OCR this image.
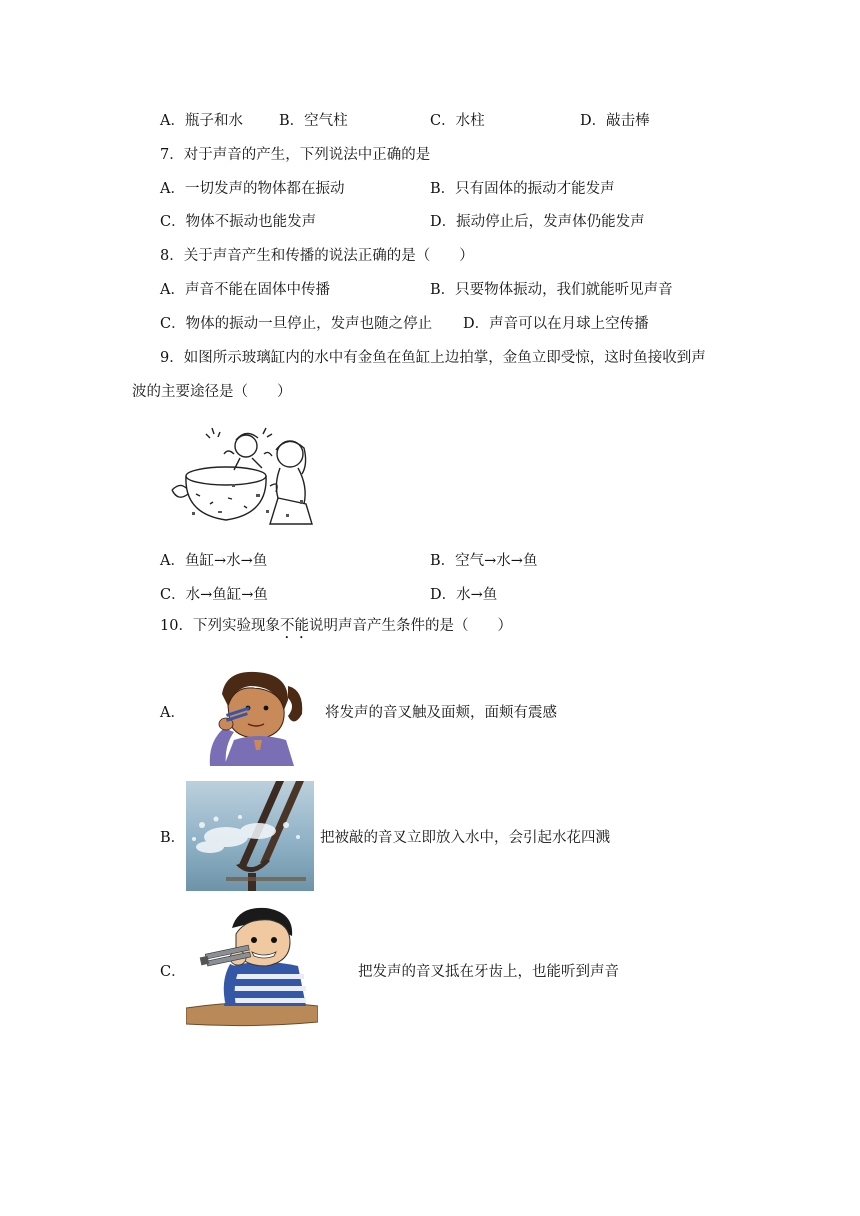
A．瓶子和水 B．空气柱	C．水柱	D．敲击棒
7．对于声音的产生，下列说法中正确的是
A．一切发声的物体都在振动	B．只有固体的振动才能发声
C．物体不振动也能发声	D．振动停止后，发声体仍能发声
8．关于声音产生和传播的说法正确的是（　　）
A．声音不能在固体中传播	B．只要物体振动，我们就能听见声音
C．物体的振动一旦停止，发声也随之停止 D．声音可以在月球上空传播
9．如图所示玻璃缸内的水中有金鱼在鱼缸上边拍掌，金鱼立即受惊，这时鱼接收到声
波的主要途径是（　　）
A．鱼缸→水→鱼	B．空气→水→鱼
C．水→鱼缸→鱼	D．水→鱼
10．下列实验现象不能说明声音产生条件的是（　　）
A．	将发声的音叉触及面颊，面颊有震感
B．	把被敲的音叉立即放入水中，会引起水花四溅
C．	把发声的音叉抵在牙齿上，也能听到声音
